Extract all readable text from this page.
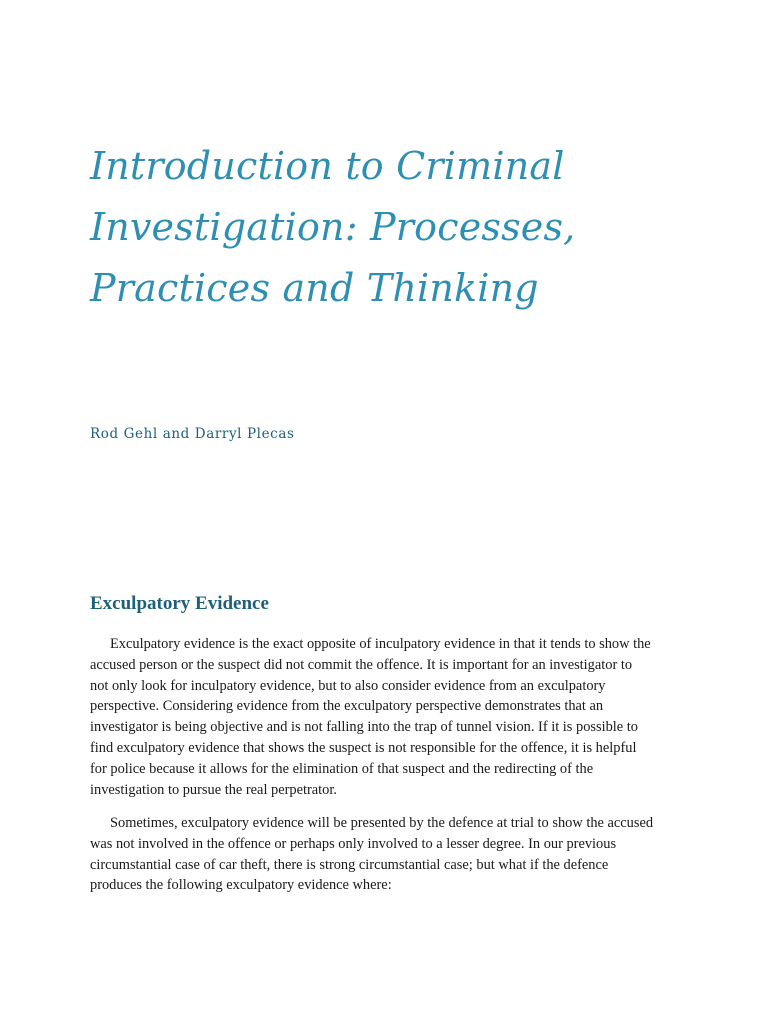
Introduction to Criminal
Investigation: Processes,
Practices and Thinking

Rod Gehl and Darryl Plecas

Exculpatory Evidence

Exculpatory evidence is the exact opposite of inculpatory evidence in that it tends to show the
accused person or the suspect did not commit the offence. It is important for an investigator to
not only look for inculpatory evidence, but to also consider evidence from an exculpatory
perspective. Considering evidence from the exculpatory perspective demonstrates that an
investigator is being objective and is not falling into the trap of tunnel vision. If it is possible to
find exculpatory evidence that shows the suspect is not responsible for the offence, it is helpful
for police because it allows for the elimination of that suspect and the redirecting of the
investigation to pursue the real perpetrator.

Sometimes, exculpatory evidence will be presented by the defence at trial to show the accused
was not involved in the offence or perhaps only involved to a lesser degree. In our previous
circumstantial case of car theft, there is strong circumstantial case; but what if the defence
produces the following exculpatory evidence where:
